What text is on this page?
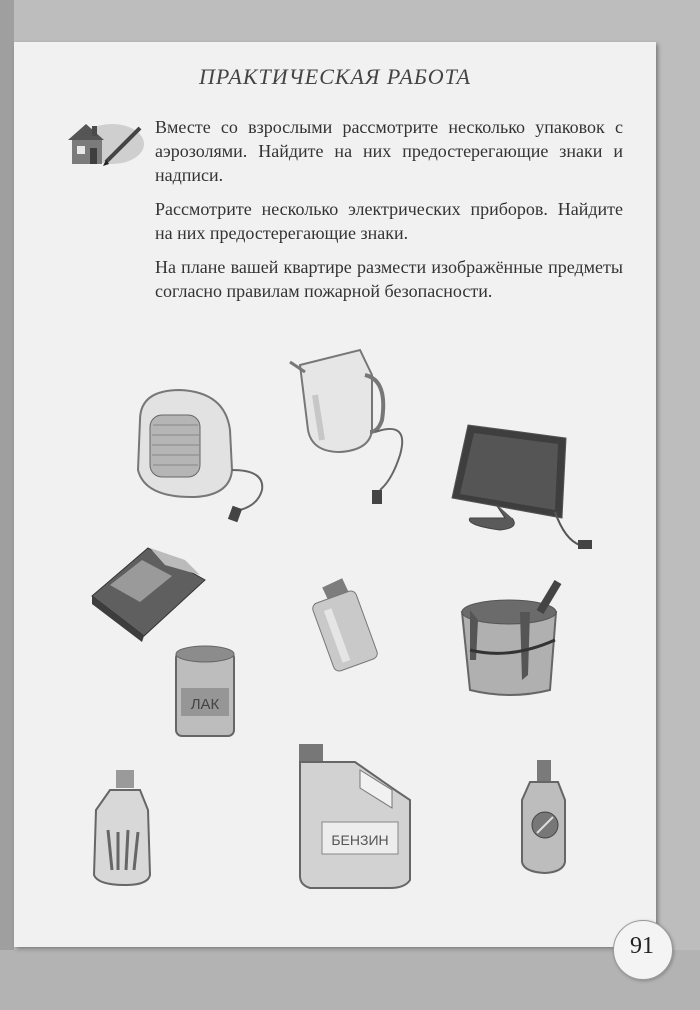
ПРАКТИЧЕСКАЯ РАБОТА

Вместе со взрослыми рассмотрите несколько упаковок с аэрозолями. Найдите на них предостерегающие знаки и надписи.

Рассмотрите несколько электрических приборов. Найдите на них предостерегающие знаки.

На плане вашей квартире размести изображённые предметы согласно правилам пожарной безопасности.

ЛАК
БЕНЗИН
91
